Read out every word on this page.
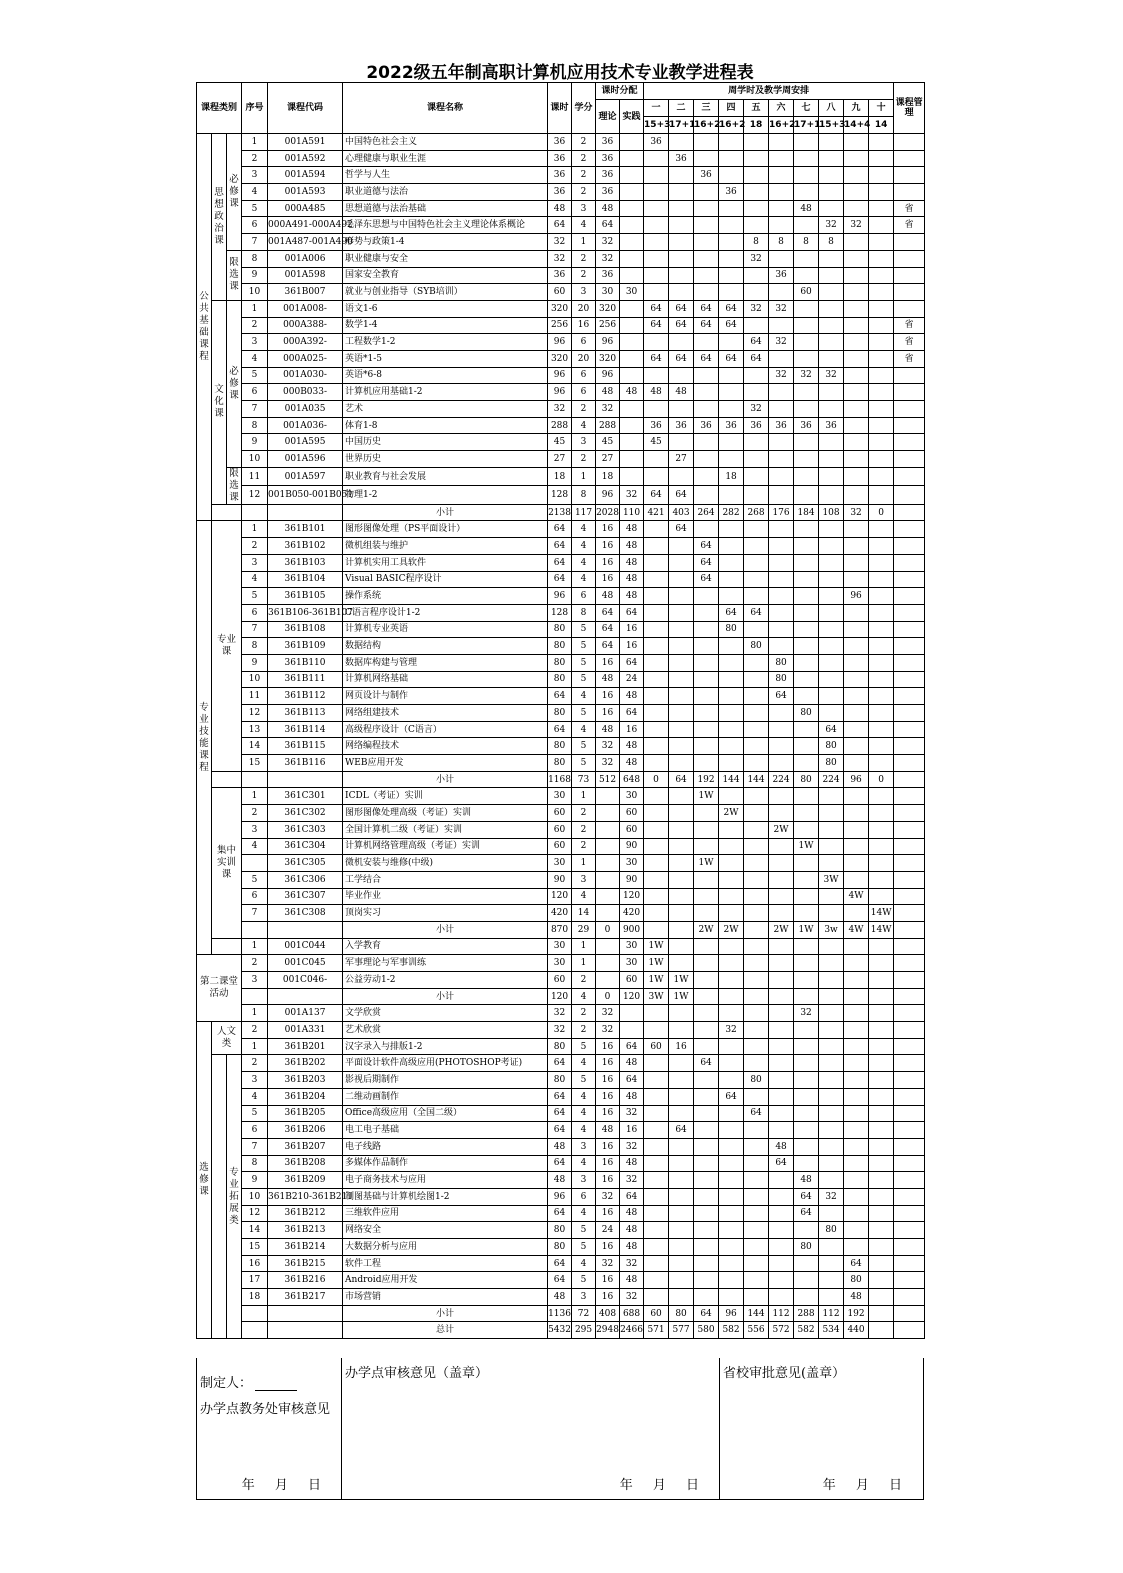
2022级五年制高职计算机应用技术专业教学进程表
课程类别			序号	课程代码	课程名称	课时	学分	课时分配		周学时及教学周安排										课程管理
								理论	实践	一	二	三	四	五	六	七	八	九	十	
										15+3	17+1	16+2	16+2	18	16+2	17+1	15+3	14+4	14	
公共基础课程	思想政治课	必修课	1	001A591	中国特色社会主义	36	2	36		36										
			2	001A592	心理健康与职业生涯	36	2	36			36									
			3	001A594	哲学与人生	36	2	36				36								
			4	001A593	职业道德与法治	36	2	36					36							
			5	000A485	思想道德与法治基础	48	3	48								48				省
			6	000A491-000A492	毛泽东思想与中国特色社会主义理论体系概论	64	4	64									32	32		省
			7	001A487-001A490	形势与政策1-4	32	1	32						8	8	8	8			
		限选课	8	001A006	职业健康与安全	32	2	32						32						
			9	001A598	国家安全教育	36	2	36							36					
			10	361B007	就业与创业指导（SYB培训）	60	3	30	30							60				
	文化课	必修课	1	001A008-	语文1-6	320	20	320		64	64	64	64	32	32					
			2	000A388-	数学1-4	256	16	256		64	64	64	64							省
			3	000A392-	工程数学1-2	96	6	96						64	32					省
			4	000A025-	英语*1-5	320	20	320		64	64	64	64	64						省
			5	001A030-	英语*6-8	96	6	96							32	32	32			
			6	000B033-	计算机应用基础1-2	96	6	48	48	48	48									
			7	001A035	艺术	32	2	32						32						
			8	001A036-	体育1-8	288	4	288		36	36	36	36	36	36	36	36			
			9	001A595	中国历史	45	3	45		45										
			10	001A596	世界历史	27	2	27			27									
		限选课	11	001A597	职业教育与社会发展	18	1	18					18							
			12	001B050-001B051	物理1-2	128	8	96	32	64	64									
					小计	2138	117	2028	110	421	403	264	282	268	176	184	108	32	0	
专业技能课程	专业课		1	361B101	图形图像处理（PS平面设计）	64	4	16	48		64									
			2	361B102	微机组装与维护	64	4	16	48			64								
			3	361B103	计算机实用工具软件	64	4	16	48			64								
			4	361B104	Visual BASIC程序设计	64	4	16	48			64								
			5	361B105	操作系统	96	6	48	48									96		
			6	361B106-361B107	C语言程序设计1-2	128	8	64	64				64	64						
			7	361B108	计算机专业英语	80	5	64	16				80							
			8	361B109	数据结构	80	5	64	16					80						
			9	361B110	数据库构建与管理	80	5	16	64						80					
			10	361B111	计算机网络基础	80	5	48	24						80					
			11	361B112	网页设计与制作	64	4	16	48						64					
			12	361B113	网络组建技术	80	5	16	64							80				
			13	361B114	高级程序设计（C语言）	64	4	48	16								64			
			14	361B115	网络编程技术	80	5	32	48								80			
			15	361B116	WEB应用开发	80	5	32	48								80			
					小计	1168	73	512	648	0	64	192	144	144	224	80	224	96	0	
	集中实训课		1	361C301	ICDL（考证）实训	30	1		30			1W								
			2	361C302	图形图像处理高级（考证）实训	60	2		60				2W							
			3	361C303	全国计算机二级（考证）实训	60	2		60						2W					
			4	361C304	计算机网络管理高级（考证）实训	60	2		90							1W				
				361C305	微机安装与维修(中级)	30	1		30			1W								
			5	361C306	工学结合	90	3		90								3W			
			6	361C307	毕业作业	120	4		120									4W		
			7	361C308	顶岗实习	420	14		420										14W	
					小计	870	29	0	900			2W	2W		2W	1W	3w	4W	14W	
			1	001C044	入学教育	30	1		30	1W										
第二课堂活动			2	001C045	军事理论与军事训练	30	1		30	1W										
			3	001C046-	公益劳动1-2	60	2		60	1W	1W									
					小计	120	4	0	120	3W	1W									
			1	001A137	文学欣赏	32	2	32								32				
选修课	人文类		2	001A331	艺术欣赏	32	2	32					32							
			1	361B201	汉字录入与排版1-2	80	5	16	64	60	16									
		专业拓展类	2	361B202	平面设计软件高级应用(PHOTOSHOP考证)	64	4	16	48			64								
			3	361B203	影视后期制作	80	5	16	64					80						
			4	361B204	二维动画制作	64	4	16	48				64							
			5	361B205	Office高级应用（全国二级）	64	4	16	32					64						
			6	361B206	电工电子基础	64	4	48	16		64									
			7	361B207	电子线路	48	3	16	32						48					
			8	361B208	多媒体作品制作	64	4	16	48						64					
			9	361B209	电子商务技术与应用	48	3	16	32							48				
			10	361B210-361B211	制图基础与计算机绘图1-2	96	6	32	64							64	32			
			12	361B212	三维软件应用	64	4	16	48							64				
			14	361B213	网络安全	80	5	24	48								80			
			15	361B214	大数据分析与应用	80	5	16	48							80				
			16	361B215	软件工程	64	4	32	32									64		
			17	361B216	Android应用开发	64	5	16	48									80		
			18	361B217	市场营销	48	3	16	32									48		
					小计	1136	72	408	688	60	80	64	96	144	112	288	112	192		
					总计	5432	295	2948	2466	571	577	580	582	556	572	582	534	440		
制定人：
办学点教务处审核意见
年 月 日
办学点审核意见（盖章）
年 月 日
省校审批意见(盖章）
年 月 日
